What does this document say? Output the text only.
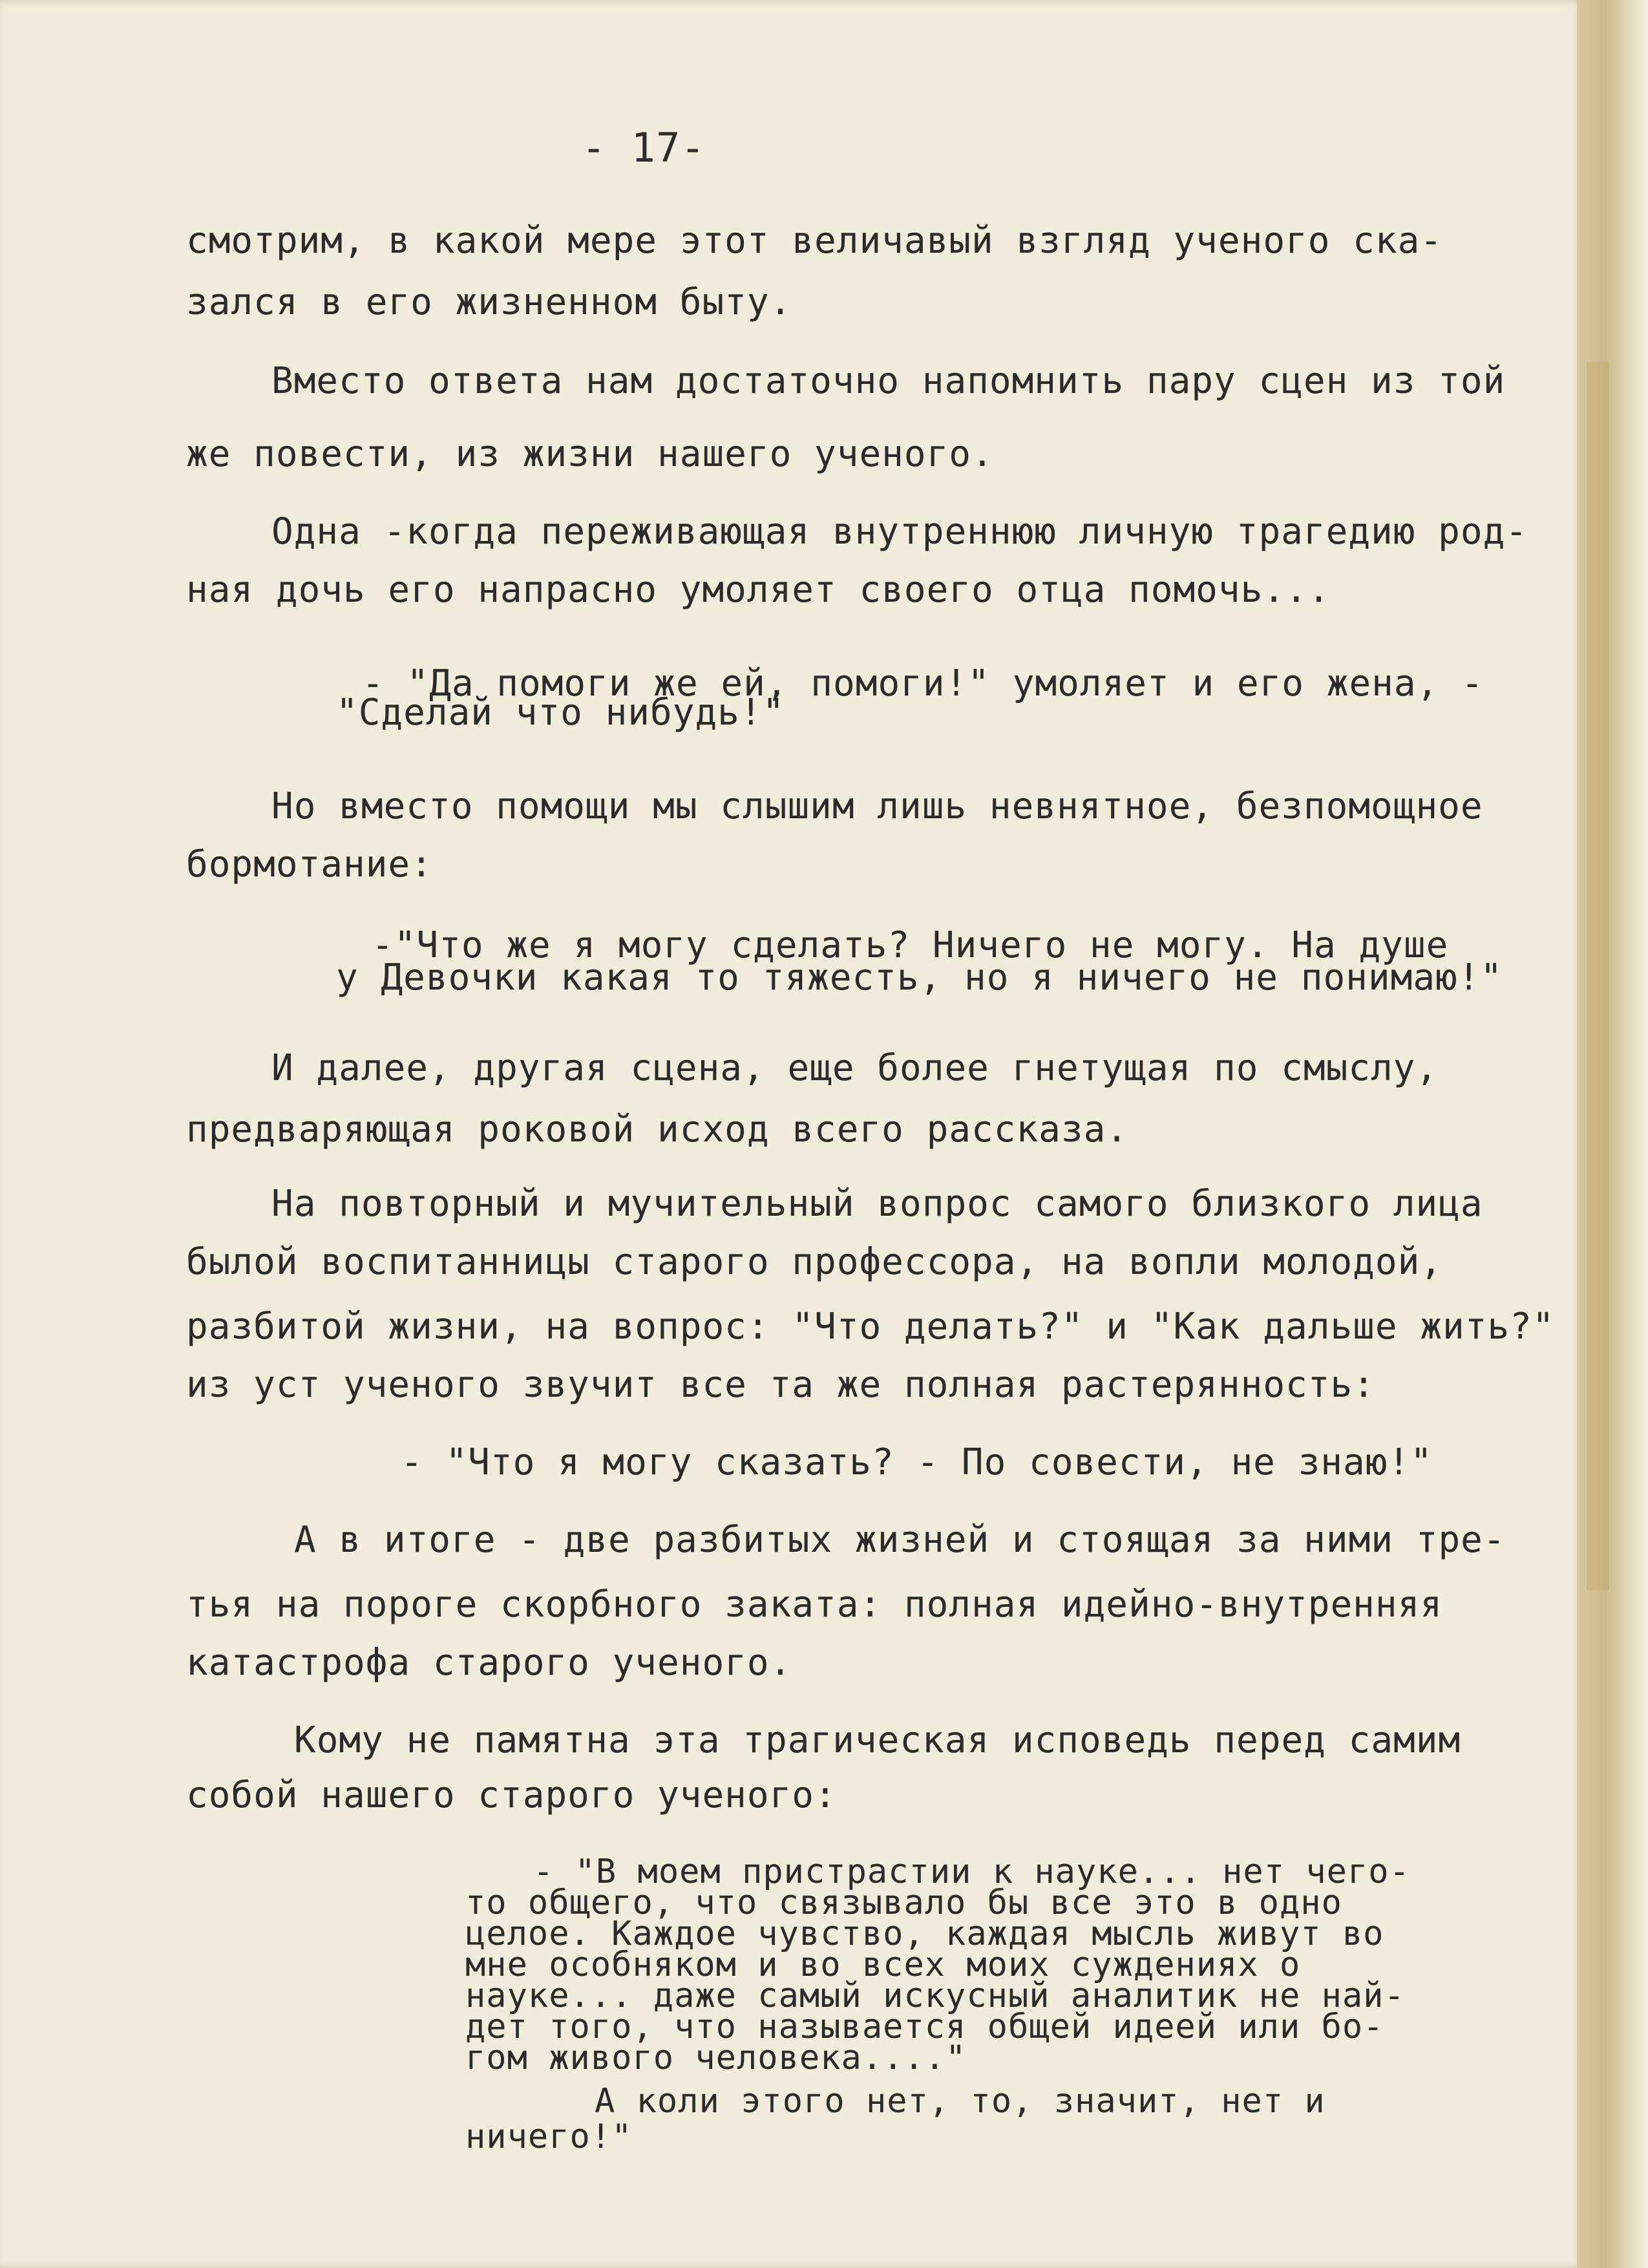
- 17-
смотрим, в какой мере этот величавый взгляд ученого ска-
зался в его жизненном быту.
Вместо ответа нам достаточно напомнить пару сцен из той
же повести, из жизни нашего ученого.
Одна -когда переживающая внутреннюю личную трагедию род-
ная дочь его напрасно умоляет своего отца помочь...
- "Да помоги же ей, помоги!" умоляет и его жена, -
"Сделай что нибудь!"
Но вместо помощи мы слышим лишь невнятное, безпомощное
бормотание:
-"Что же я могу сделать? Ничего не могу. На душе
у Девочки какая то тяжесть, но я ничего не понимаю!"
И далее, другая сцена, еще более гнетущая по смыслу,
предваряющая роковой исход всего рассказа.
На повторный и мучительный вопрос самого близкого лица
былой воспитанницы старого профессора, на вопли молодой,
разбитой жизни, на вопрос: "Что делать?" и "Как дальше жить?"
из уст ученого звучит все та же полная растерянность:
- "Что я могу сказать? - По совести, не знаю!"
А в итоге - две разбитых жизней и стоящая за ними тре-
тья на пороге скорбного заката: полная идейно-внутренняя
катастрофа старого ученого.
Кому не памятна эта трагическая исповедь перед самим
собой нашего старого ученого:
- "В моем пристрастии к науке... нет чего-
то общего, что связывало бы все это в одно
целое. Каждое чувство, каждая мысль живут во
мне особняком и во всех моих суждениях о
науке... даже самый искусный аналитик не най-
дет того, что называется общей идеей или бо-
гом живого человека...."
А коли этого нет, то, значит, нет и
ничего!"
